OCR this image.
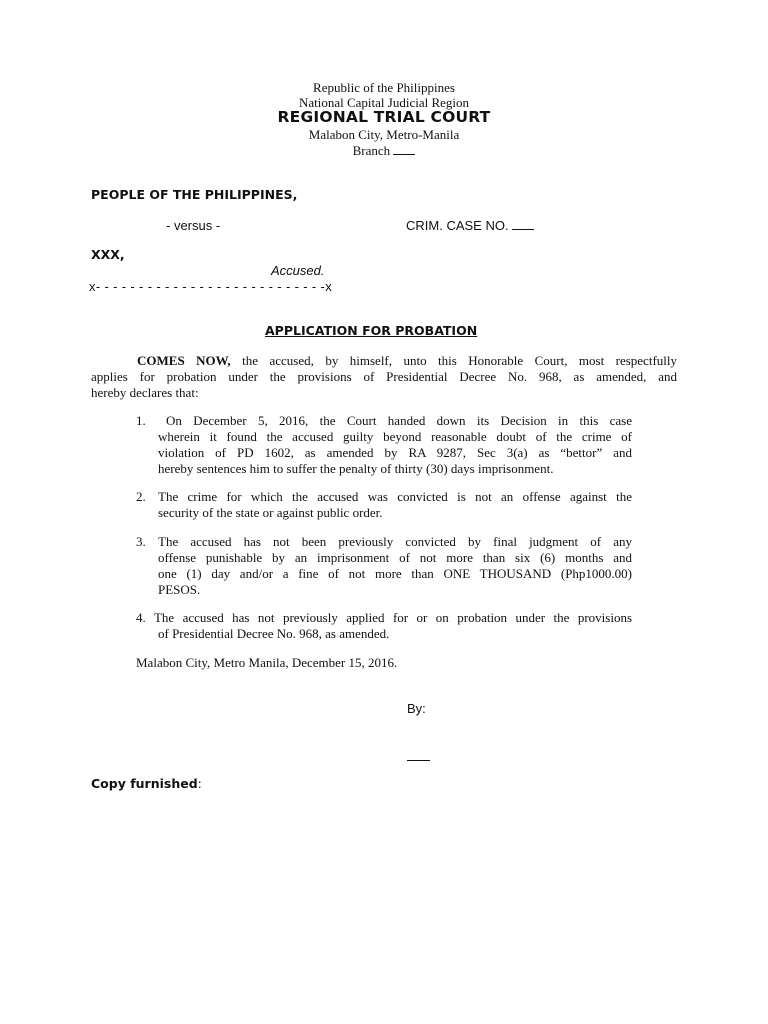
Republic of the Philippines
National Capital Judicial Region
REGIONAL TRIAL COURT
Malabon City, Metro-Manila
Branch
PEOPLE OF THE PHILIPPINES,
- versus -	CRIM. CASE NO.
XXX,
Accused.
x- - - - - - - - - - - - - - - - - - - - - - - - - - -x
APPLICATION FOR PROBATION
COMES NOW, the accused, by himself, unto this Honorable Court, most respectfully
applies for probation under the provisions of Presidential Decree No. 968, as amended, and
hereby declares that:
1.	On December 5, 2016, the Court handed down its Decision in this case
wherein it found the accused guilty beyond reasonable doubt of the crime of
violation of PD 1602, as amended by RA 9287, Sec 3(a) as “bettor” and
hereby sentences him to suffer the penalty of thirty (30) days imprisonment.
2. The crime for which the accused was convicted is not an offense against the
security of the state or against public order.
3. The accused has not been previously convicted by final judgment of any
offense punishable by an imprisonment of not more than six (6) months and
one (1) day and/or a fine of not more than ONE THOUSAND (Php1000.00)
PESOS.
4. The accused has not previously applied for or on probation under the provisions
of Presidential Decree No. 968, as amended.
Malabon City, Metro Manila, December 15, 2016.
By:
Copy furnished:
